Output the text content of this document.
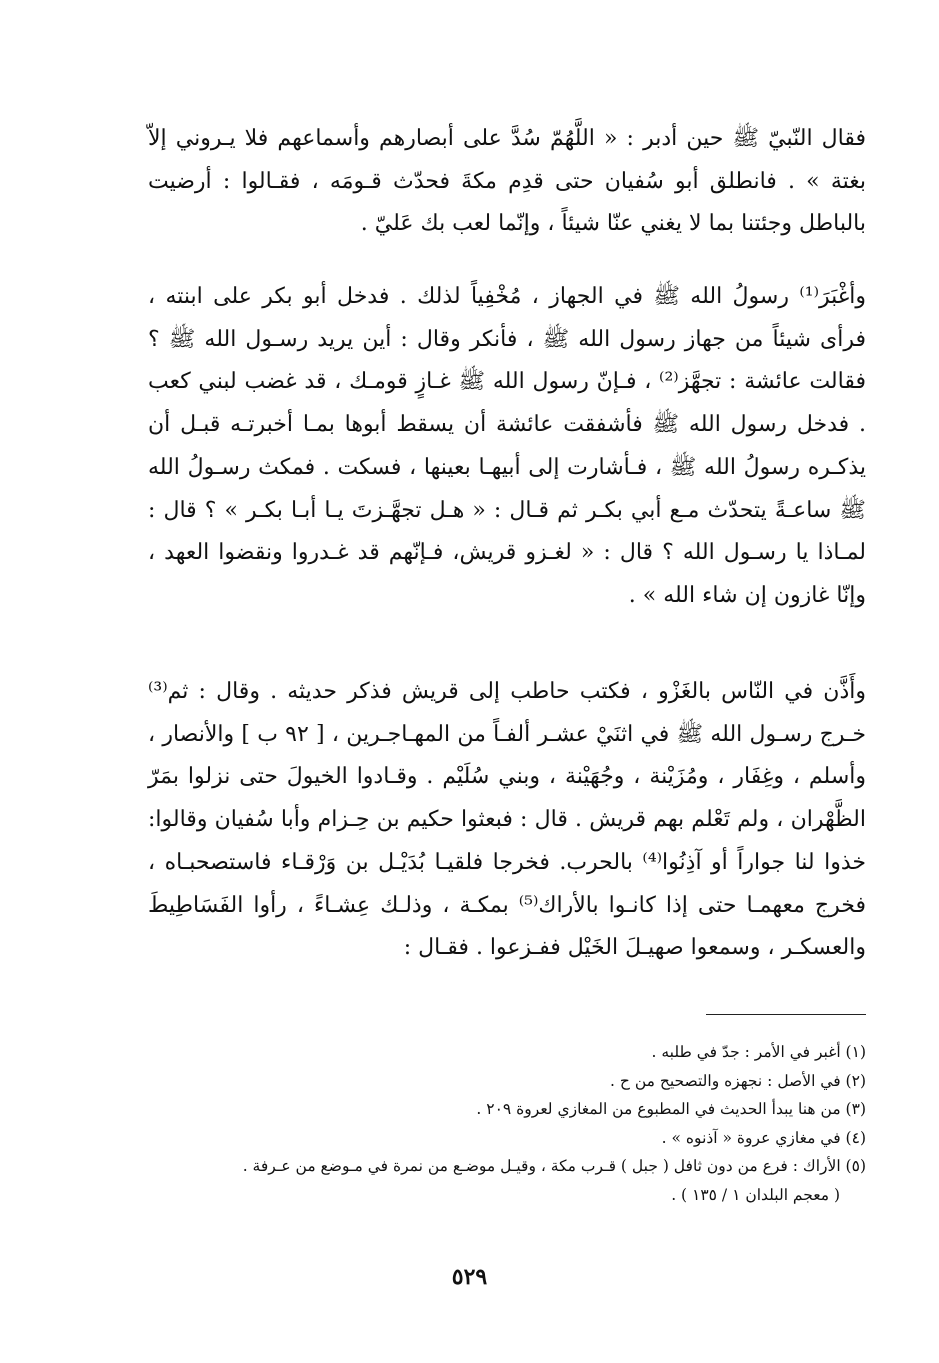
فقال النّبيّ ﷺ حين أدبر : « اللَّهُمّ سُدَّ على أبصارهم وأسماعهم فلا يـروني إلاّ بغتة » . فانطلق أبو سُفيان حتى قدِم مكةَ فحدّث قـومَه ، فقـالوا : أرضيت بالباطل وجئتنا بما لا يغني عنّا شيئاً ، وإنّما لعب بك عَليّ .

وأغْبَرَ⁽¹⁾ رسولُ الله ﷺ في الجهاز ، مُخْفِياً لذلك . فدخل أبو بكر على ابنته ، فرأى شيئاً من جهاز رسول الله ﷺ ، فأنكر وقال : أين يريد رسـول الله ﷺ ؟ فقالت عائشة : تجهَّز⁽²⁾ ، فـإنّ رسول الله ﷺ غـازٍ قومـك ، قد غضب لبني كعب . فدخل رسول الله ﷺ فأشفقت عائشة أن يسقط أبوها بمـا أخبرتـه قبـل أن يذكـره رسولُ الله ﷺ ، فـأشارت إلى أبيهـا بعينها ، فسكت . فمكث رسـولُ الله ﷺ ساعـةً يتحدّث مـع أبي بكـر ثم قـال : « هـل تجهَّـزتَ يـا أبـا بكـر » ؟ قال : لمـاذا يا رسـول الله ؟ قال : « لغـزو قريش، فـإنّهم قد غـدروا ونقضوا العهد ، وإنّا غازون إن شاء الله » .

وأَذَّن في النّاس بالغَزْو ، فكتب حاطب إلى قريش فذكر حديثه . وقال : ثم⁽³⁾ خـرج رسـول الله ﷺ في اثنَيْ عشـر ألفـاً من المهـاجـرين ، [ ٩٢ ب ] والأنصار ، وأسلم ، وغِفَار ، ومُزَيْنة ، وجُهَيْنة ، وبني سُلَيْم . وقـادوا الخيولَ حتى نزلوا بمَرّ الظَّهْران ، ولم تَعْلم بهم قريش . قال : فبعثوا حكيم بن حِـزام وأبا سُفيان وقالوا: خذوا لنا جواراً أو آذِنُوا⁽⁴⁾ بالحرب. فخرجا فلقيـا بُدَيْـل بن وَرْقـاء فاستصحبـاه ، فخرج معهمـا حتى إذا كانـوا بالأراك⁽⁵⁾ بمكـة ، وذلـك عِشـاءً ، رأوا الفَسَاطِيطَ والعسكـر ، وسمعوا صهيـلَ الخَيْل ففـزعوا . فقـال :

(١) أغبر في الأمر : جدّ في طلبه .
(٢) في الأصل : نجهزه والتصحيح من ح .
(٣) من هنا يبدأ الحديث في المطبوع من المغازي لعروة ٢٠٩ .
(٤) في مغازي عروة « آذنوه » .
(٥) الأراك : فرع من دون ثافل ( جبل ) قـرب مكة ، وقيـل موضـع من نمرة في مـوضع من عـرفة .
( معجم البلدان ١ / ١٣٥ ) .
٥٢٩
